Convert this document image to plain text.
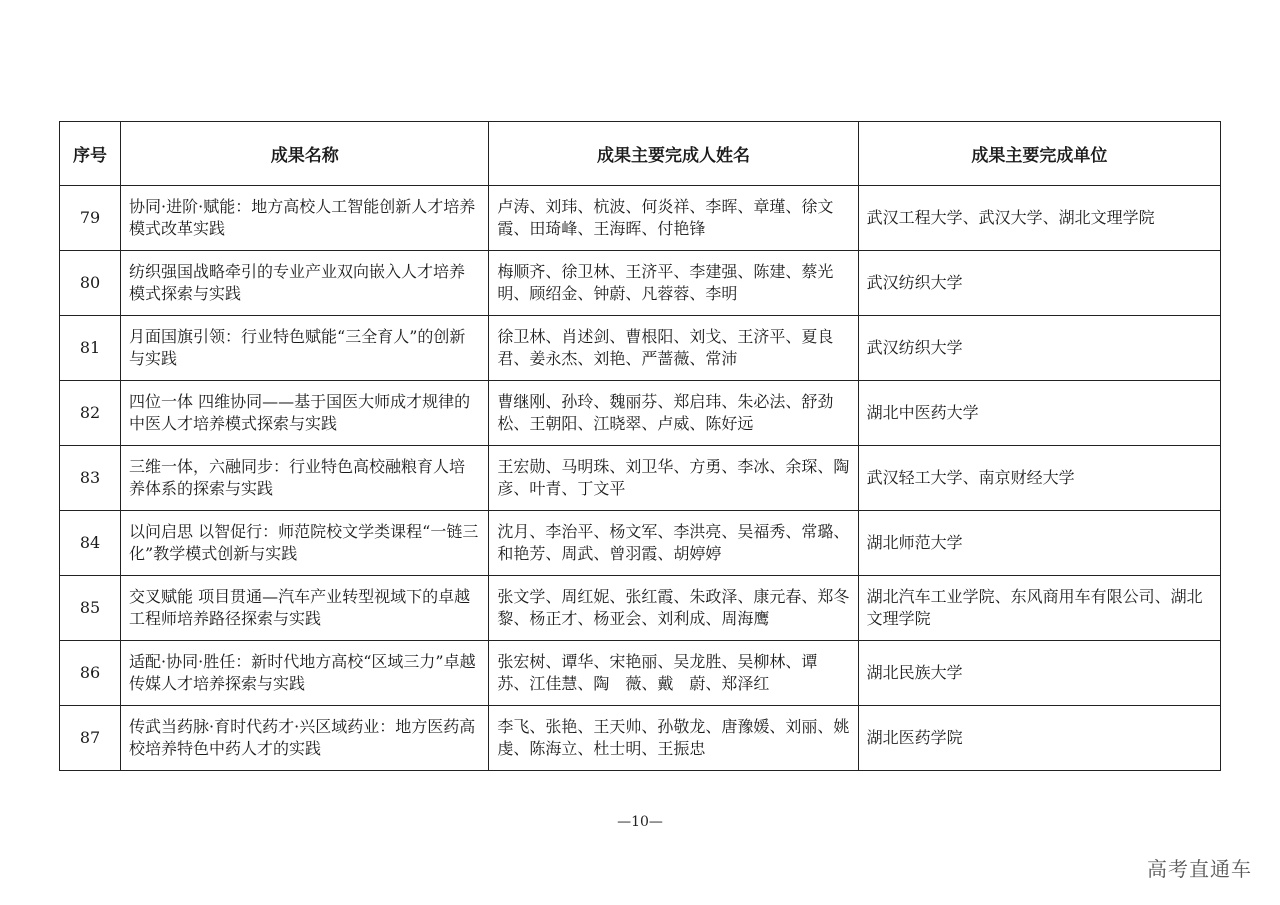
序号	成果名称	成果主要完成人姓名	成果主要完成单位
79	协同·进阶·赋能：地方高校人工智能创新人才培养模式改革实践	卢涛、刘玮、杭波、何炎祥、李晖、章瑾、徐文霞、田琦峰、王海晖、付艳锋	武汉工程大学、武汉大学、湖北文理学院

80	纺织强国战略牵引的专业产业双向嵌入人才培养模式探索与实践	梅顺齐、徐卫林、王济平、李建强、陈建、蔡光明、顾绍金、钟蔚、凡蓉蓉、李明	武汉纺织大学

81	月面国旗引领：行业特色赋能“三全育人”的创新与实践	徐卫林、肖述剑、曹根阳、刘戈、王济平、夏良君、姜永杰、刘艳、严蔷薇、常沛	武汉纺织大学

82	四位一体 四维协同——基于国医大师成才规律的中医人才培养模式探索与实践	曹继刚、孙玲、魏丽芬、郑启玮、朱必法、舒劲松、王朝阳、江晓翠、卢威、陈好远	湖北中医药大学

83	三维一体，六融同步：行业特色高校融粮育人培养体系的探索与实践	王宏勋、马明珠、刘卫华、方勇、李冰、余琛、陶彦、叶青、丁文平	武汉轻工大学、南京财经大学

84	以问启思 以智促行：师范院校文学类课程“一链三化”教学模式创新与实践	沈月、李治平、杨文军、李洪亮、吴福秀、常璐、和艳芳、周武、曾羽霞、胡婷婷	湖北师范大学

85	交叉赋能 项目贯通—汽车产业转型视域下的卓越工程师培养路径探索与实践	张文学、周红妮、张红霞、朱政泽、康元春、郑冬黎、杨正才、杨亚会、刘利成、周海鹰	湖北汽车工业学院、东风商用车有限公司、湖北文理学院

86	适配·协同·胜任：新时代地方高校“区域三力”卓越传媒人才培养探索与实践	张宏树、谭华、宋艳丽、吴龙胜、吴柳林、谭　苏、江佳慧、陶　薇、戴　蔚、郑泽红	湖北民族大学

87	传武当药脉·育时代药才·兴区域药业：地方医药高校培养特色中药人才的实践	李飞、张艳、王天帅、孙敬龙、唐豫媛、刘丽、姚虔、陈海立、杜士明、王振忠	湖北医药学院
—10—
高考直通车
